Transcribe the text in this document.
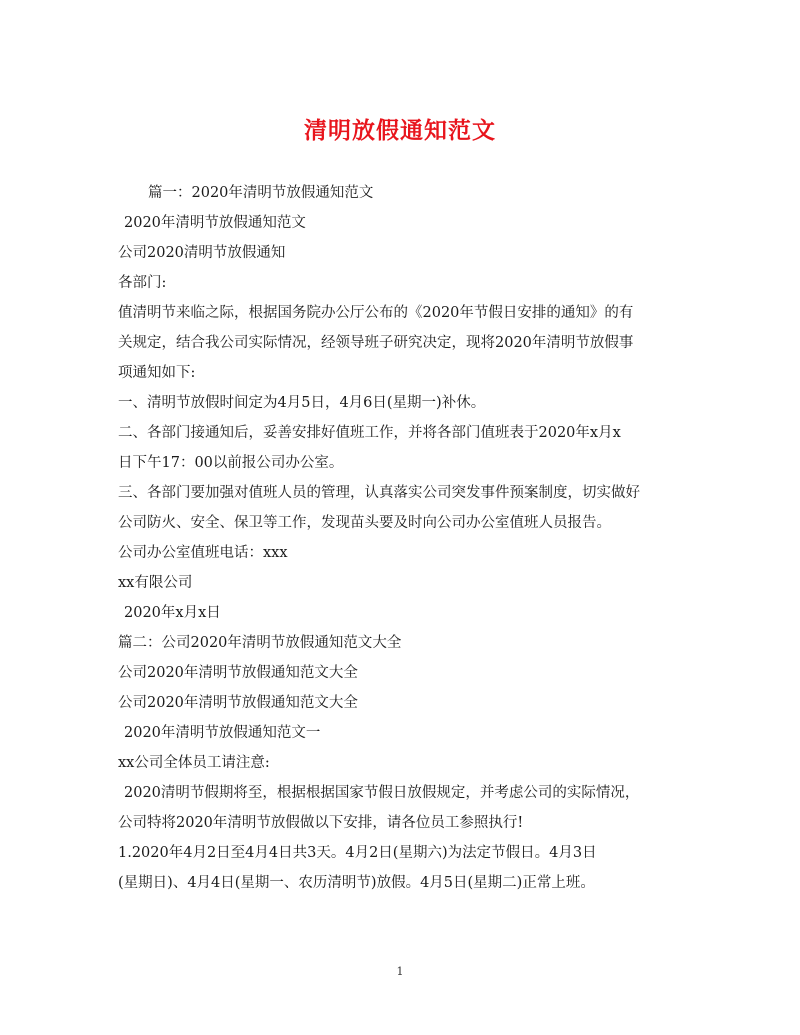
清明放假通知范文
篇一：2020年清明节放假通知范文
2020年清明节放假通知范文
公司2020清明节放假通知
各部门:
值清明节来临之际，根据国务院办公厅公布的《2020年节假日安排的通知》的有
关规定，结合我公司实际情况，经领导班子研究决定，现将2020年清明节放假事
项通知如下:
一、清明节放假时间定为4月5日，4月6日(星期一)补休。
二、各部门接通知后，妥善安排好值班工作，并将各部门值班表于2020年x月x
日下午17：00以前报公司办公室。
三、各部门要加强对值班人员的管理，认真落实公司突发事件预案制度，切实做好
公司防火、安全、保卫等工作，发现苗头要及时向公司办公室值班人员报告。
公司办公室值班电话：xxx
xx有限公司
2020年x月x日
篇二：公司2020年清明节放假通知范文大全
公司2020年清明节放假通知范文大全
公司2020年清明节放假通知范文大全
2020年清明节放假通知范文一
xx公司全体员工请注意:
2020清明节假期将至，根据根据国家节假日放假规定，并考虑公司的实际情况，
公司特将2020年清明节放假做以下安排，请各位员工参照执行!
1.2020年4月2日至4月4日共3天。4月2日(星期六)为法定节假日。4月3日
(星期日)、4月4日(星期一、农历清明节)放假。4月5日(星期二)正常上班。
1
